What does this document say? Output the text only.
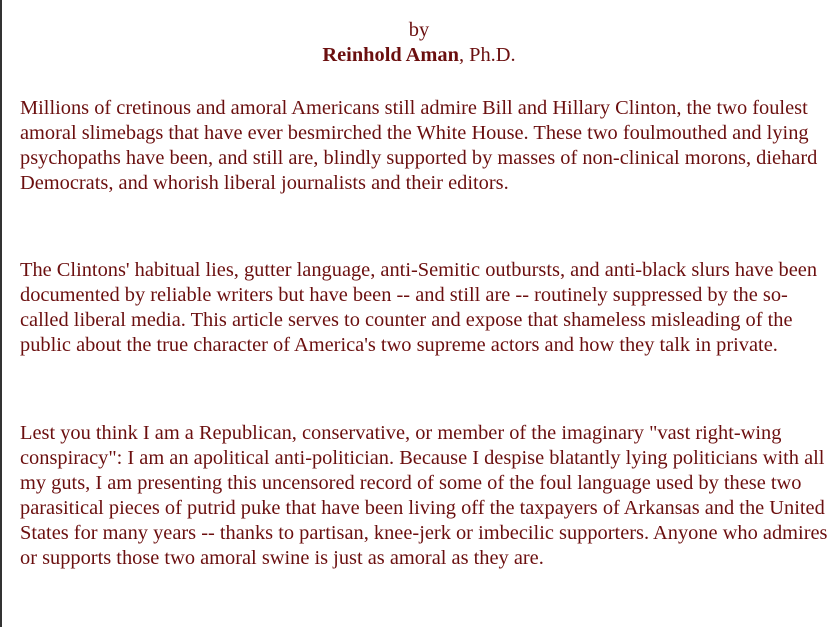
by
Reinhold Aman, Ph.D.

Millions of cretinous and amoral Americans still admire Bill and Hillary Clinton, the two foulest amoral slimebags that have ever besmirched the White House. These two foulmouthed and lying psychopaths have been, and still are, blindly supported by masses of non-clinical morons, diehard Democrats, and whorish liberal journalists and their editors.

The Clintons' habitual lies, gutter language, anti-Semitic outbursts, and anti-black slurs have been documented by reliable writers but have been -- and still are -- routinely suppressed by the so-called liberal media. This article serves to counter and expose that shameless misleading of the public about the true character of America's two supreme actors and how they talk in private.

Lest you think I am a Republican, conservative, or member of the imaginary "vast right-wing conspiracy": I am an apolitical anti-politician. Because I despise blatantly lying politicians with all my guts, I am presenting this uncensored record of some of the foul language used by these two parasitical pieces of putrid puke that have been living off the taxpayers of Arkansas and the United States for many years -- thanks to partisan, knee-jerk or imbecilic supporters. Anyone who admires or supports those two amoral swine is just as amoral as they are.
